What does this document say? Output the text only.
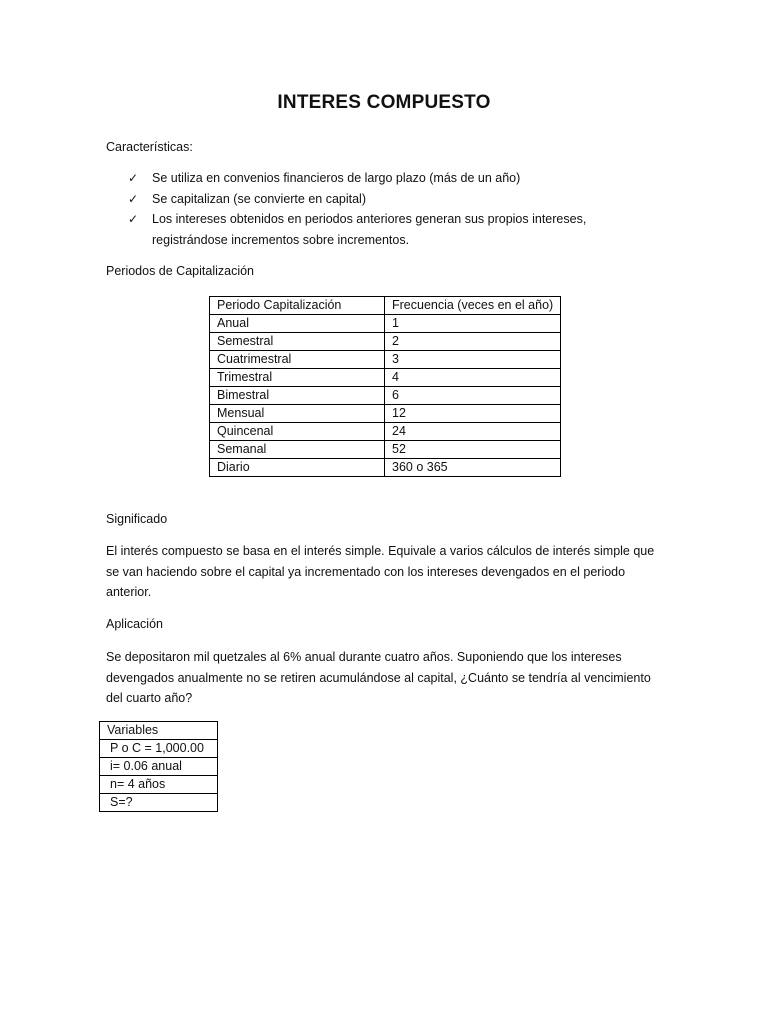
INTERES COMPUESTO
Características:
✓ Se utiliza en convenios financieros de largo plazo (más de un año)
✓ Se capitalizan (se convierte en capital)
✓ Los intereses obtenidos en periodos anteriores generan sus propios intereses, registrándose incrementos sobre incrementos.
Periodos de Capitalización
Periodo Capitalización	Frecuencia (veces en el año)
Anual	1
Semestral	2
Cuatrimestral	3
Trimestral	4
Bimestral	6
Mensual	12
Quincenal	24
Semanal	52
Diario	360 o 365
Significado
El interés compuesto se basa en el interés simple. Equivale a varios cálculos de interés simple que se van haciendo sobre el capital ya incrementado con los intereses devengados en el periodo anterior.
Aplicación
Se depositaron mil quetzales al 6% anual durante cuatro años. Suponiendo que los intereses devengados anualmente no se retiren acumulándose al capital, ¿Cuánto se tendría al vencimiento del cuarto año?
Variables
P o C = 1,000.00
i= 0.06 anual
n= 4 años
S=?
